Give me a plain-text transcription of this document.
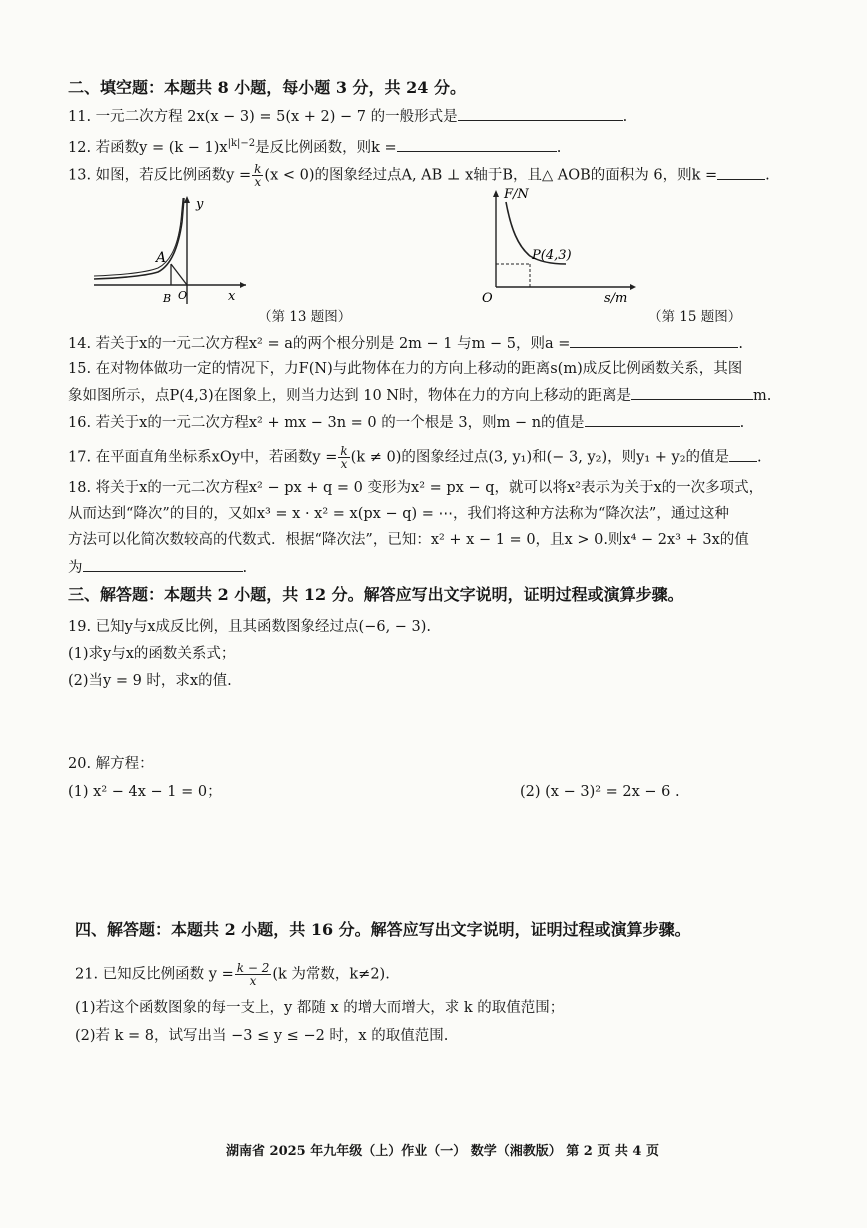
二、填空题：本题共 8 小题，每小题 3 分，共 24 分。
11. 一元二次方程 2x(x − 3) = 5(x + 2) − 7 的一般形式是	.
12. 若函数$y = (k - 1)x^{|k|-2}$是反比例函数，则k =	.
13. 如图，若反比例函数$y = \frac{k}{x} (x < 0)$的图象经过点A, AB ⊥ x轴于B，且△ AOB的面积为 6，则k =	.
A
B O
y
x
（第 13 题图）
F/N
O
P(4,3)
s/m
（第 15 题图）
14. 若关于x的一元二次方程x² = a的两个根分别是 2m − 1 与m − 5，则a =	.
15. 在对物体做功一定的情况下，力F(N)与此物体在力的方向上移动的距离s(m)成反比例函数关系，其图
象如图所示，点P(4,3)在图象上，则当力达到 10 N时，物体在力的方向上移动的距离是	m.
16. 若关于x的一元二次方程x² + mx − 3n = 0 的一个根是 3，则m − n的值是	.
17. 在平面直角坐标系xOy中，若函数$y = \frac{k}{x} (k \ne 0)$的图象经过点(3, y₁)和(− 3, y₂)，则y₁ + y₂的值是 .
18. 将关于x的一元二次方程x² − px + q = 0 变形为x² = px − q，就可以将x²表示为关于x的一次多项式，
从而达到“降次”的目的，又如x³ = x · x² = x(px − q) = ⋯，我们将这种方法称为“降次法”，通过这种
方法可以化简次数较高的代数式．根据“降次法”，已知：x² + x − 1 = 0，且x > 0.则x⁴ − 2x³ + 3x的值
为	.
三、解答题：本题共 2 小题，共 12 分。解答应写出文字说明，证明过程或演算步骤。
19. 已知y与x成反比例，且其函数图象经过点(−6, − 3).
(1)求y与x的函数关系式；
(2)当y = 9 时，求x的值.
20. 解方程：
(1) x² − 4x − 1 = 0；	(2) (x − 3)² = 2x − 6 .
四、解答题：本题共 2 小题，共 16 分。解答应写出文字说明，证明过程或演算步骤。
21. 已知反比例函数 $y = \frac{k - 2}{x} (k$ 为常数，k≠2).
(1)若这个函数图象的每一支上，y 都随 x 的增大而增大，求 k 的取值范围；
(2)若 k = 8，试写出当 −3 ≤ y ≤ −2 时，x 的取值范围.
湖南省 2025 年九年级（上）作业（一） 数学（湘教版） 第 2 页 共 4 页
